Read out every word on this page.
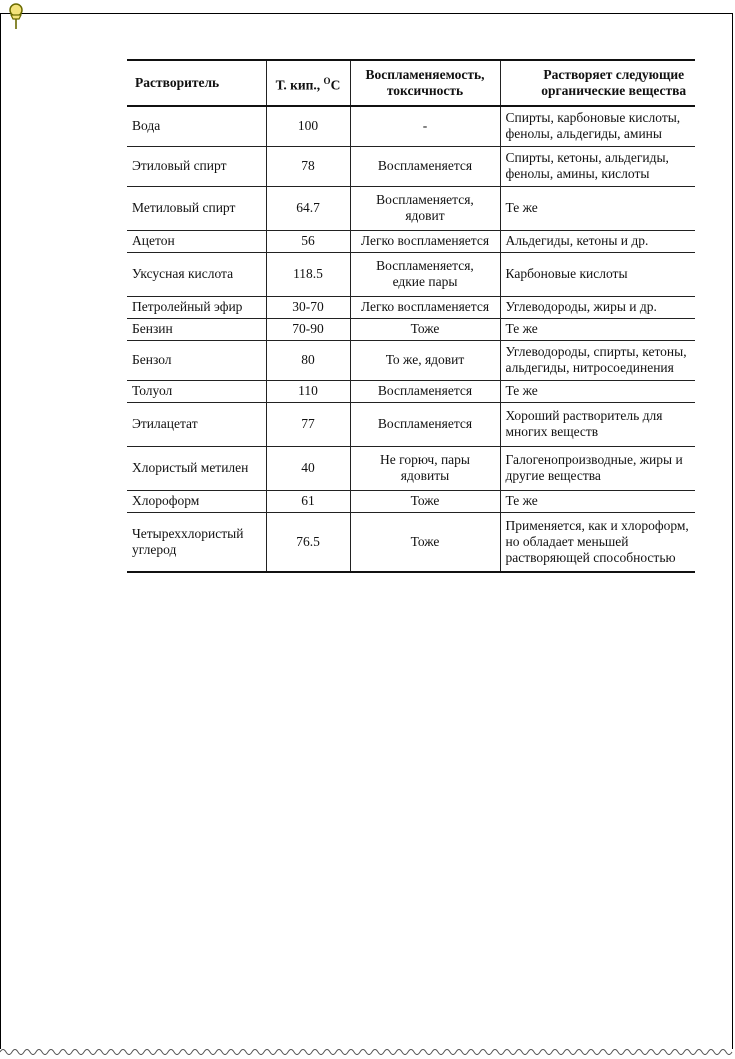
Растворитель	Т. кип., $^O$C	Воспламеняемость,
токсичность	Растворяет следующие
органические вещества
Вода	100	-	Спирты, карбоновые кислоты,
фенолы, альдегиды, амины
Этиловый спирт	78	Воспламеняется	Спирты, кетоны, альдегиды,
фенолы, амины, кислоты
Метиловый спирт	64.7	Воспламеняется,
ядовит	Те же
Ацетон	56	Легко воспламеняется	Альдегиды, кетоны и др.
Уксусная кислота	118.5	Воспламеняется,
едкие пары	Карбоновые кислоты
Петролейный эфир	30-70	Легко воспламеняется	Углеводороды, жиры и др.
Бензин	70-90	Тоже	Те же
Бензол	80	То же, ядовит	Углеводороды, спирты, кетоны,
альдегиды, нитросоединения
Толуол	110	Воспламеняется	Те же
Этилацетат	77	Воспламеняется	Хороший растворитель для
многих веществ
Хлористый метилен	40	Не горюч, пары
ядовиты	Галогенопроизводные, жиры и
другие вещества
Хлороформ	61	Тоже	Те же
Четыреххлористый
углерод	76.5	Тоже	Применяется, как и хлороформ,
но обладает меньшей
растворяющей способностью
